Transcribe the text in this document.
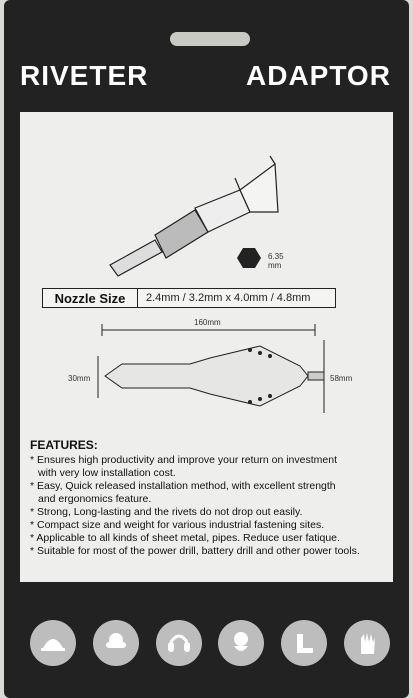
RIVETER	ADAPTOR
6.35 mm
Nozzle Size	2.4mm / 3.2mm x 4.0mm / 4.8mm
160mm
30mm	58mm
FEATURES:
* Ensures high productivity and improve your return on investment
with very low installation cost.
* Easy, Quick released installation method, with excellent strength
and ergonomics feature.
* Strong, Long-lasting and the rivets do not drop out easily.
* Compact size and weight for various industrial fastening sites.
* Applicable to all kinds of sheet metal, pipes. Reduce user fatique.
* Suitable for most of the power drill, battery drill and other power tools.
